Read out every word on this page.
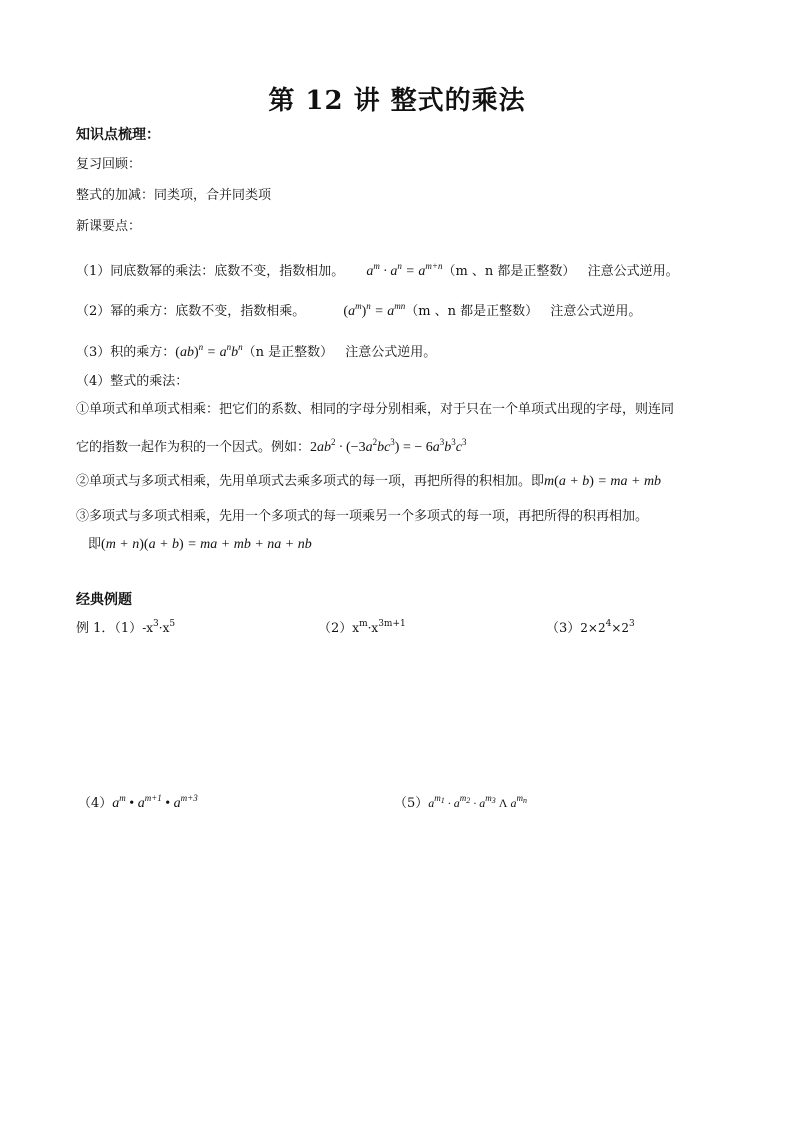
第 12 讲 整式的乘法
知识点梳理：
复习回顾：
整式的加减：同类项，合并同类项
新课要点：
（1）同底数幂的乘法：底数不变，指数相加。 $a^m \cdot a^n = a^{m+n}(m$ 、n 都是正整数） 注意公式逆用。
（2）幂的乘方：底数不变，指数相乘。	$(a^m)^n = a^{mn}(m$ 、n 都是正整数） 注意公式逆用。
（3）积的乘方：$(ab)^n = a^nb^n(n$ 是正整数） 注意公式逆用。
（4）整式的乘法：
①单项式和单项式相乘：把它们的系数、相同的字母分别相乘，对于只在一个单项式出现的字母，则连同
它的指数一起作为积的一个因式。例如：$2ab^2 \cdot (-3a^2bc^3)$ = − $6a^3b^3c^3$
②单项式与多项式相乘，先用单项式去乘多项式的每一项，再把所得的积相加。即m(a + b) = ma + mb
③多项式与多项式相乘，先用一个多项式的每一项乘另一个多项式的每一项，再把所得的积再相加。
即(m + n)(a + b) = ma + mb + na + nb
经典例题
例 1．$(1)-x^3\cdot x^5$	$(2)x^m\cdot x^{3m+1}$	$(3)2\times 2^4\times 2^3$
$(4)a^m$ • $a^{m+1}$ • $a^{m+3}$	$(5)a^{m1} \cdot a^{m2} \cdot a^{m3}$ Λ $a^{mn}$
